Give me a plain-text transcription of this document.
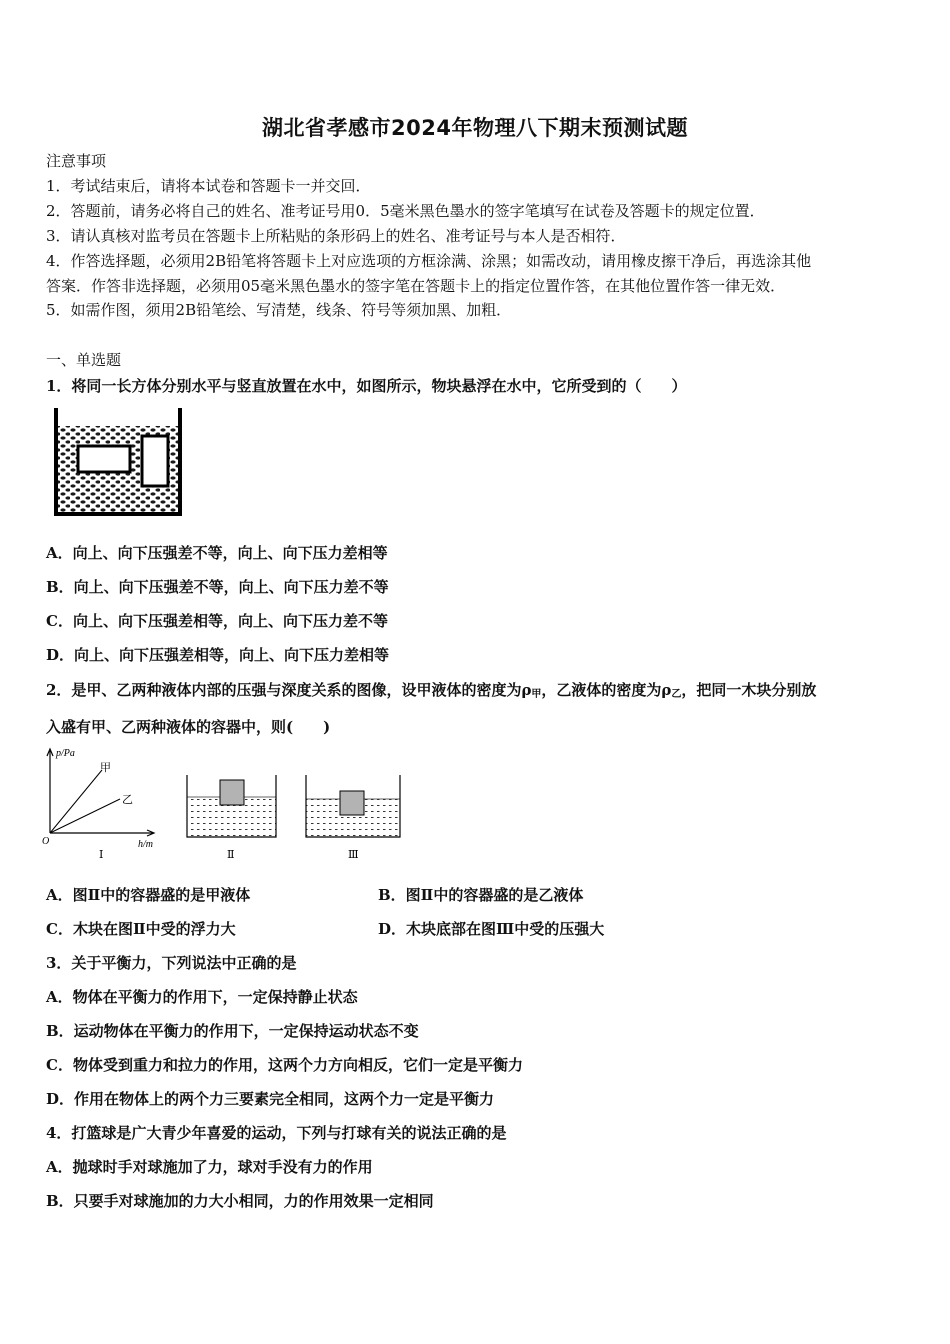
湖北省孝感市2024年物理八下期末预测试题
注意事项
1．考试结束后，请将本试卷和答题卡一并交回．
2．答题前，请务必将自己的姓名、准考证号用0．5毫米黑色墨水的签字笔填写在试卷及答题卡的规定位置．
3．请认真核对监考员在答题卡上所粘贴的条形码上的姓名、准考证号与本人是否相符．
4．作答选择题，必须用2B铅笔将答题卡上对应选项的方框涂满、涂黑；如需改动，请用橡皮擦干净后，再选涂其他
答案．作答非选择题，必须用05毫米黑色墨水的签字笔在答题卡上的指定位置作答，在其他位置作答一律无效．
5．如需作图，须用2B铅笔绘、写清楚，线条、符号等须加黑、加粗．
一、单选题
1．将同一长方体分别水平与竖直放置在水中，如图所示，物块悬浮在水中，它所受到的（　　）
A．向上、向下压强差不等，向上、向下压力差相等
B．向上、向下压强差不等，向上、向下压力差不等
C．向上、向下压强差相等，向上、向下压力差不等
D．向上、向下压强差相等，向上、向下压力差相等
2．是甲、乙两种液体内部的压强与深度关系的图像，设甲液体的密度为$\rho_甲$，乙液体的密度为$\rho_乙$，把同一木块分别放
入盛有甲、乙两种液体的容器中，则(　　)
p/Pa
h/m
O
甲
乙
Ⅰ	Ⅱ	Ⅲ
A．图Ⅱ中的容器盛的是甲液体	B．图Ⅱ中的容器盛的是乙液体
C．木块在图Ⅱ中受的浮力大	D．木块底部在图Ⅲ中受的压强大
3．关于平衡力，下列说法中正确的是
A．物体在平衡力的作用下，一定保持静止状态
B．运动物体在平衡力的作用下，一定保持运动状态不变
C．物体受到重力和拉力的作用，这两个力方向相反，它们一定是平衡力
D．作用在物体上的两个力三要素完全相同，这两个力一定是平衡力
4．打篮球是广大青少年喜爱的运动，下列与打球有关的说法正确的是
A．抛球时手对球施加了力，球对手没有力的作用
B．只要手对球施加的力大小相同，力的作用效果一定相同
